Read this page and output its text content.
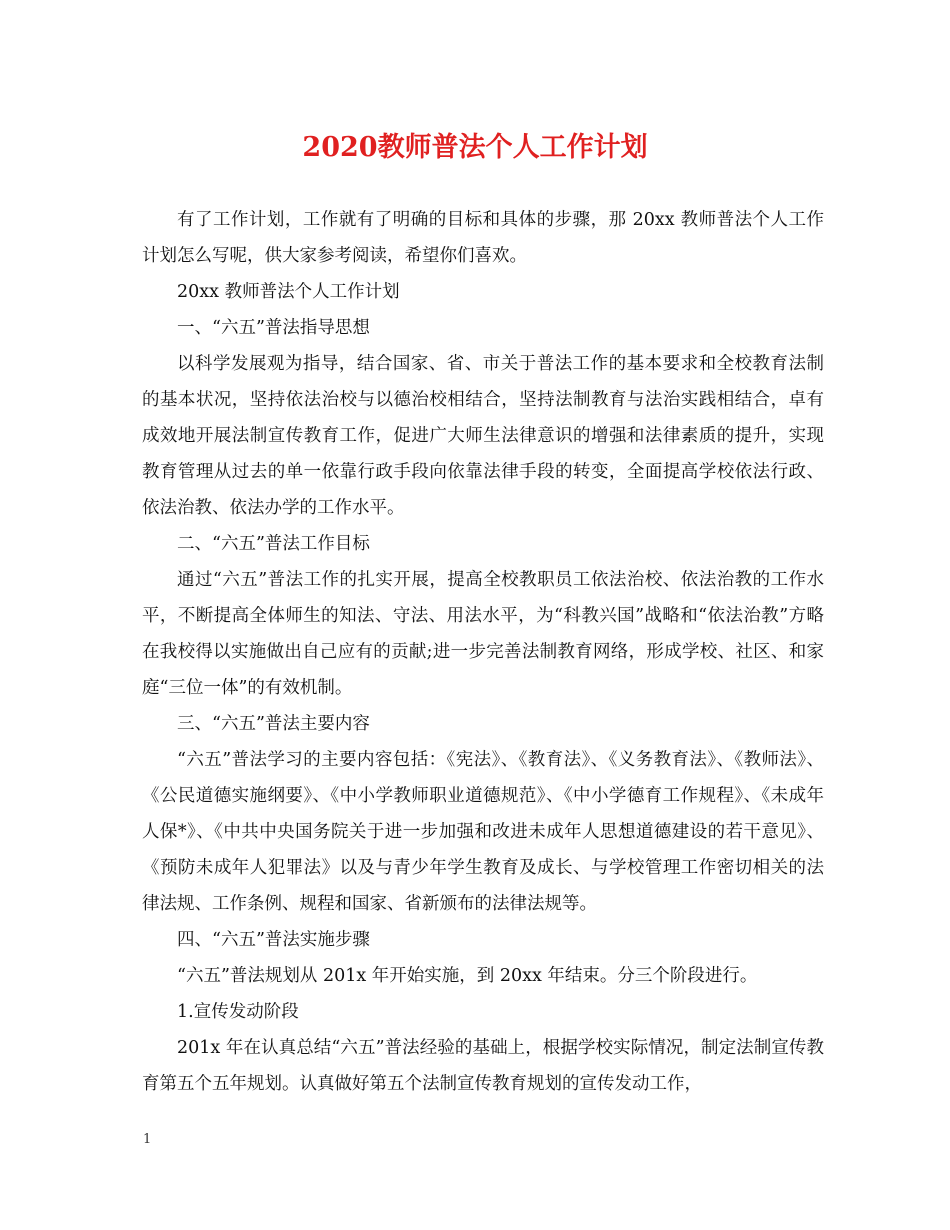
2020教师普法个人工作计划

有了工作计划，工作就有了明确的目标和具体的步骤，那 20xx 教师普法个人工作计划怎么写呢，供大家参考阅读，希望你们喜欢。

20xx 教师普法个人工作计划

一、“六五”普法指导思想

以科学发展观为指导，结合国家、省、市关于普法工作的基本要求和全校教育法制的基本状况，坚持依法治校与以德治校相结合，坚持法制教育与法治实践相结合，卓有成效地开展法制宣传教育工作，促进广大师生法律意识的增强和法律素质的提升，实现教育管理从过去的单一依靠行政手段向依靠法律手段的转变，全面提高学校依法行政、依法治教、依法办学的工作水平。

二、“六五”普法工作目标

通过“六五”普法工作的扎实开展，提高全校教职员工依法治校、依法治教的工作水平，不断提高全体师生的知法、守法、用法水平，为“科教兴国”战略和“依法治教”方略在我校得以实施做出自己应有的贡献;进一步完善法制教育网络，形成学校、社区、和家庭“三位一体”的有效机制。

三、“六五”普法主要内容

“六五”普法学习的主要内容包括：《宪法》、《教育法》、《义务教育法》、《教师法》、《公民道德实施纲要》、《中小学教师职业道德规范》、《中小学德育工作规程》、《未成年人保*》、《中共中央国务院关于进一步加强和改进未成年人思想道德建设的若干意见》、《预防未成年人犯罪法》以及与青少年学生教育及成长、与学校管理工作密切相关的法律法规、工作条例、规程和国家、省新颁布的法律法规等。

四、“六五”普法实施步骤

“六五”普法规划从 201x 年开始实施，到 20xx 年结束。分三个阶段进行。

1.宣传发动阶段

201x 年在认真总结“六五”普法经验的基础上，根据学校实际情况，制定法制宣传教育第五个五年规划。认真做好第五个法制宣传教育规划的宣传发动工作，

1
